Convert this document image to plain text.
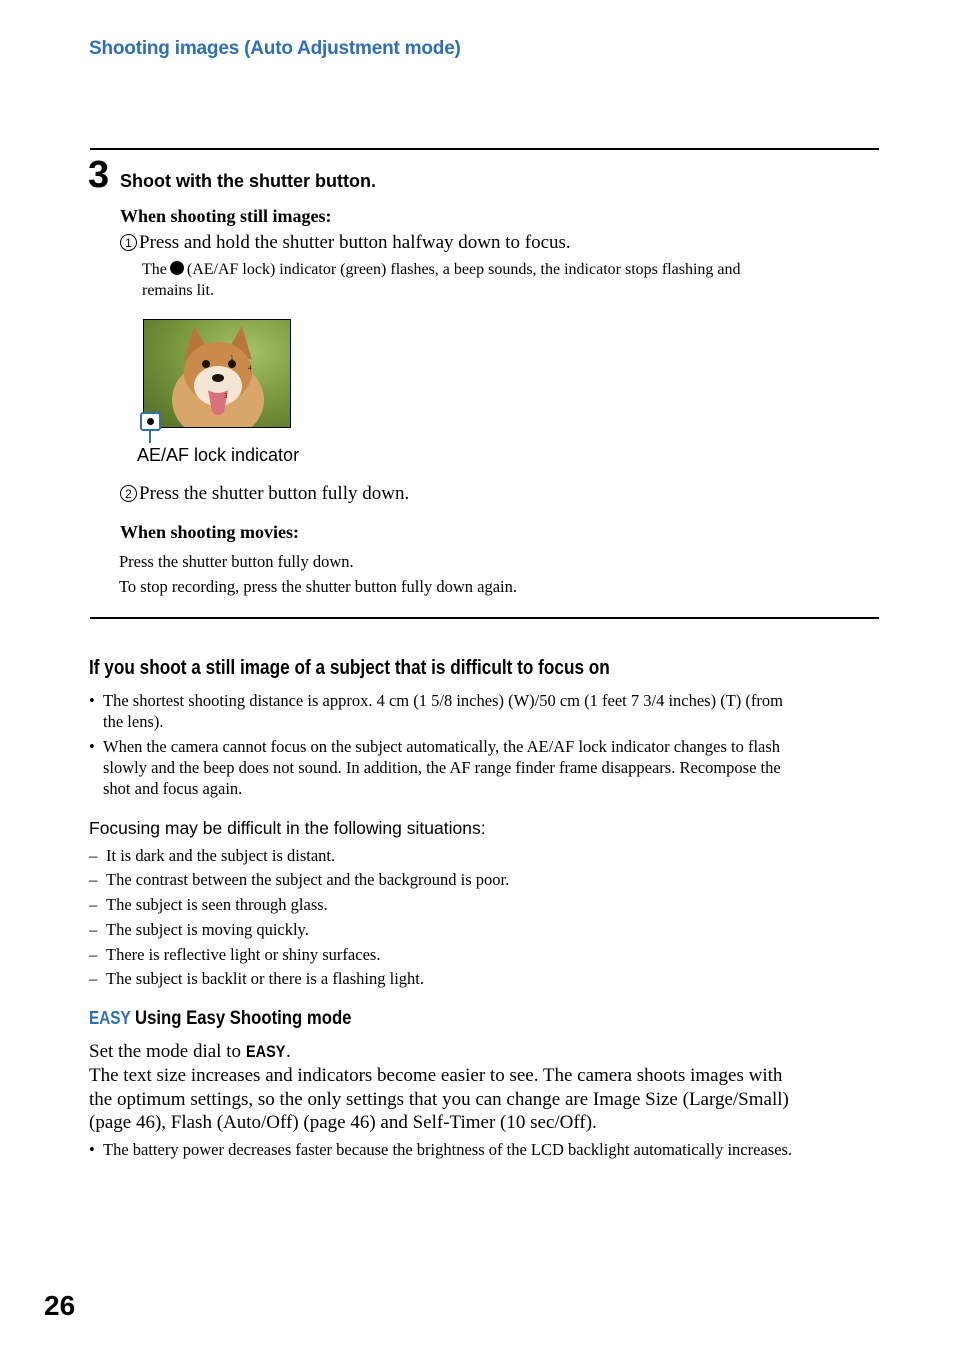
Shooting images (Auto Adjustment mode)
3 Shoot with the shutter button.
When shooting still images:
1 Press and hold the shutter button halfway down to focus.
The (AE/AF lock) indicator (green) flashes, a beep sounds, the indicator stops flashing and
remains lit.
1
4
3
AE/AF lock indicator
2 Press the shutter button fully down.
When shooting movies:
Press the shutter button fully down.
To stop recording, press the shutter button fully down again.
If you shoot a still image of a subject that is difficult to focus on
• The shortest shooting distance is approx. 4 cm (1 5/8 inches) (W)/50 cm (1 feet 7 3/4 inches) (T) (from
the lens).
• When the camera cannot focus on the subject automatically, the AE/AF lock indicator changes to flash
slowly and the beep does not sound. In addition, the AF range finder frame disappears. Recompose the
shot and focus again.
Focusing may be difficult in the following situations:
– It is dark and the subject is distant.
– The contrast between the subject and the background is poor.
– The subject is seen through glass.
– The subject is moving quickly.
– There is reflective light or shiny surfaces.
– The subject is backlit or there is a flashing light.
EASY Using Easy Shooting mode
Set the mode dial to EASY.
The text size increases and indicators become easier to see. The camera shoots images with
the optimum settings, so the only settings that you can change are Image Size (Large/Small)
(page 46), Flash (Auto/Off) (page 46) and Self-Timer (10 sec/Off).
• The battery power decreases faster because the brightness of the LCD backlight automatically increases.
26
